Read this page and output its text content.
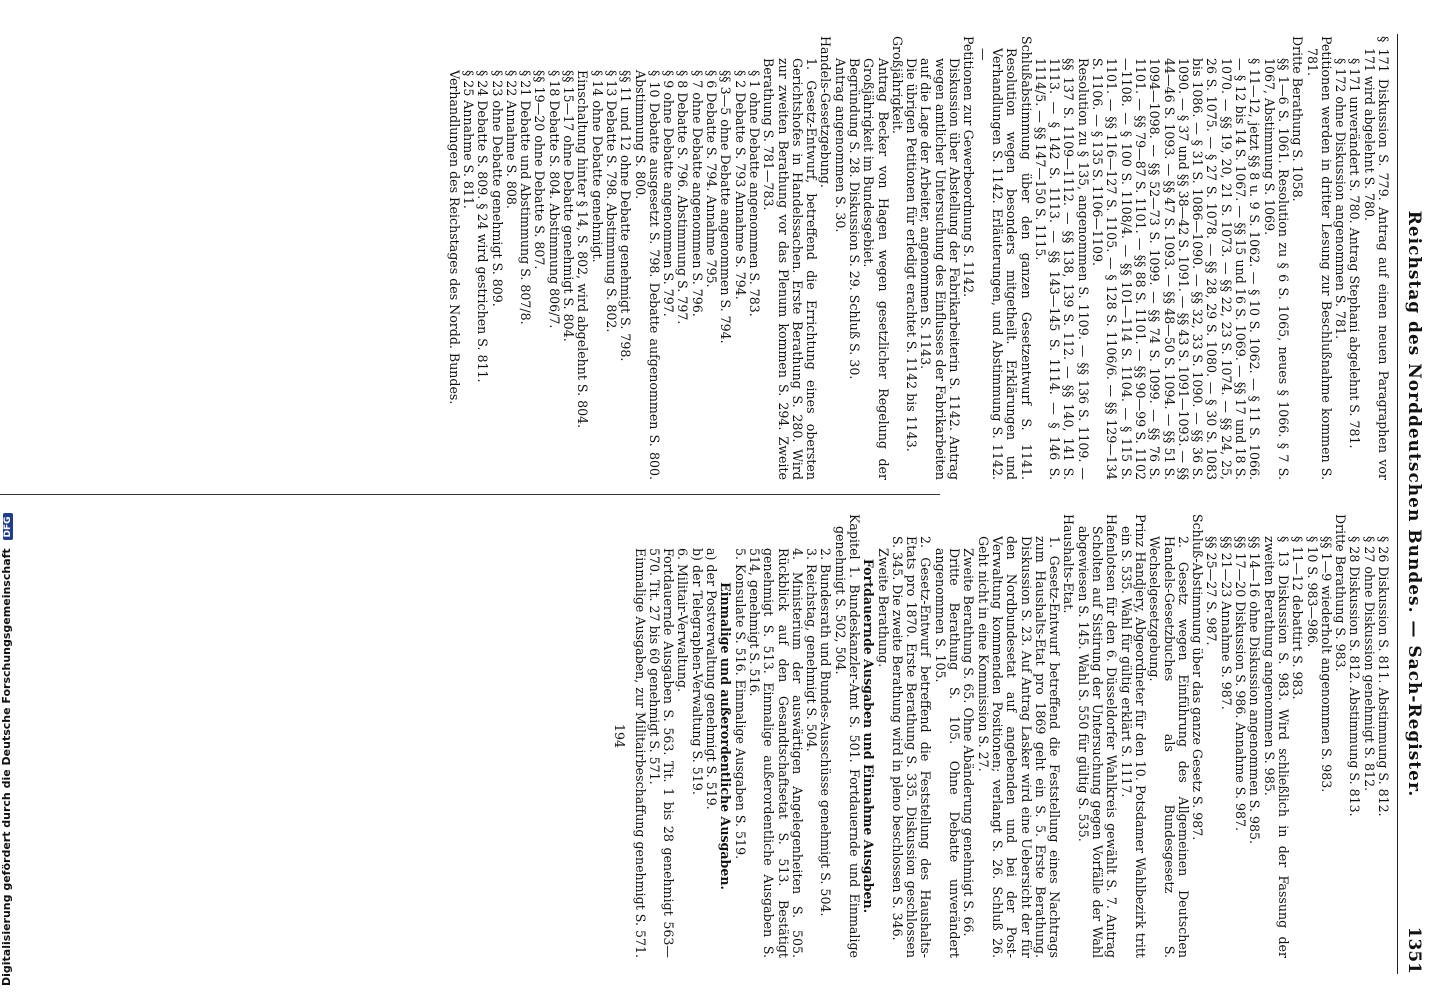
Reichstag des Norddeutschen Bundes. — Sach-Register.
1351

§ 171 Diskussion S. 779. Antrag auf einen neuen Paragraphen vor 171 wird abgelehnt S. 780.

§ 171 unverändert S. 780. Antrag Stephani abgelehnt S. 781.

§ 172 ohne Diskussion angenommen S. 781.

Petitionen werden in dritter Lesung zur Beschlußnahme kommen S. 781.

Dritte Berathung S. 1058.

§§ 1—6 S. 1061. Resolution zu § 6 S. 1065, neues § 1066. § 7 S. 1067, Abstimmung S. 1069.

§ 11—12, jetzt §§ 8 u. 9 S. 1062. — § 10 S. 1062. — § 11 S. 1066. — § 12 bis 14 S. 1067. — §§ 15 und 16 S. 1069. — §§ 17 und 18 S. 1070. — §§ 19, 20, 21 S. 1073. — §§ 22, 23 S. 1074. — §§ 24, 25, 26 S. 1075. — § 27 S. 1078. — §§ 28, 29 S. 1080. — § 30 S. 1083 bis 1086. — § 31 S. 1086—1090. — §§ 32, 33 S. 1090. — §§ 36 S. 1090. — § 37 und §§ 38—42 S. 1091. — §§ 43 S. 1091—1093. — §§ 44—46 S. 1093. — §§ 47 S. 1093. — §§ 48—50 S. 1094. — §§ 51 S. 1094—1098. — §§ 52—73 S. 1099. — §§ 74 S. 1099. — §§ 76 S. 1101. — §§ 79—87 S. 1101. — §§ 88 S. 1101. — §§ 90—99 S. 1102—1108. — § 100 S. 1108/4. — §§ 101—114 S. 1104. — § 115 S. 1101. — §§ 116—127 S. 1105. — § 128 S. 1106/6. — §§ 129—134 S. 1106. — § 135 S. 1106—1109.

Resolution zu § 135, angenommen S. 1109. — §§ 136 S. 1109. — §§ 137 S. 1109—1112. — §§ 138, 139 S. 112. — §§ 140, 141 S. 1113. — § 142 S. 1113. — §§ 143—145 S. 1114. — § 146 S. 1114/5. — §§ 147—150 S. 1115.

Schlußabstimmung über den ganzen Gesetzentwurf S. 1141. Resolution wegen besonders mitgetheilt. Erklärungen und Verhandlungen S. 1142. Erläuterungen, und Abstimmung S. 1142. —

Petitionen zur Gewerbeordnung S. 1142.

Diskussion über Abstellung der Fabrikarbeiterin S. 1142. Antrag wegen amtlicher Untersuchung des Einflusses der Fabrikarbeiten auf die Lage der Arbeiter, angenommen S. 1143.

Die übrigen Petitionen für erledigt erachtet S. 1142 bis 1143.

Großjährigkeit.

Antrag Becker von Hagen wegen gesetzlicher Regelung der Großjährigkeit im Bundesgebiet.

Begründung S. 28. Diskussion S. 29. Schluß S. 30.

Antrag angenommen S. 30.

Handels-Gesetzgebung.

1. Gesetz-Entwurf, betreffend die Errichtung eines obersten Gerichtshofes in Handelssachen. Erste Berathung S. 280. Wird zur zweiten Berathung vor das Plenum kommen S. 294. Zweite Berathung S. 781—783.

§ 1 ohne Debatte angenommen S. 783.

§ 2 Debatte S. 793 Annahme S. 794.

§§ 3—5 ohne Debatte angenommen S. 794.

§ 6 Debatte S. 794. Annahme 795.

§ 7 ohne Debatte angenommen S. 796.

§ 8 Debatte S. 796. Abstimmung S. 797.

§ 9 ohne Debatte angenommen S. 797.

§ 10 Debatte ausgesetzt S. 798. Debatte aufgenommen S. 800. Abstimmung S. 800.

§§ 11 und 12 ohne Debatte genehmigt S. 798.

§ 13 Debatte S. 798. Abstimmung S. 802.

§ 14 ohne Debatte genehmigt.

Einschaltung hinter § 14, S. 802, wird abgelehnt S. 804.

§§ 15—17 ohne Debatte genehmigt S. 804.

§ 18 Debatte S. 804. Abstimmung 806/7.

§§ 19—20 ohne Debatte S. 807.

§ 21 Debatte und Abstimmung S. 807/8.

§ 22 Annahme S. 808.

§ 23 ohne Debatte genehmigt S. 809.

§ 24 Debatte S. 809. § 24 wird gestrichen S. 811.

§ 25 Annahme S. 811.

Verhandlungen des Reichstages des Nordd. Bundes.

§ 26 Diskussion S. 811. Abstimmung S. 812.

§ 27 ohne Diskussion genehmigt S. 812.

§ 28 Diskussion S. 812. Abstimmung S. 813.

Dritte Berathung S. 983.

§§ 1—9 wiederholt angenommen S. 983.

§ 10 S. 983—986.

§ 11—12 debattirt S. 983.

§ 13 Diskussion S. 983. Wird schließlich in der Fassung der zweiten Berathung angenommen S. 985.

§§ 14—16 ohne Diskussion angenommen S. 985.

§§ 17—20 Diskussion S. 986. Annahme S. 987.

§§ 21—23 Annahme S. 987.

§§ 25—27 S. 987.

Schluß-Abstimmung über das ganze Gesetz S. 987.

2. Gesetz wegen Einführung des Allgemeinen Deutschen Handels-Gesetzbuches als Bundesgesetz S. Wechselgesetzgebung.

Prinz Handjery, Abgeordneter für den 10. Potsdamer Wahlbezirk tritt ein S. 535. Wahl für gültig erklärt S. 1117.

Hafenlotsen für den 6. Düsseldorfer Wahlkreis gewählt S. 7. Antrag Scholten auf Sistirung der Untersuchung gegen Vorfälle der Wahl abgewiesen S. 145. Wahl S. 550 für gültig S. 535.

Haushalts-Etat.

1. Gesetz-Entwurf betreffend die Feststellung eines Nachtrags zum Haushalts-Etat pro 1869 geht ein S. 5. Erste Berathung. Diskussion S. 23. Auf Antrag Lasker wird eine Uebersicht der für den Nordbundesetat auf angebenden und bei der Post-Verwaltung kommenden Positionen; verlangt S. 26. Schluß 26. Geht nicht in eine Kommission S. 27.

Zweite Berathung S. 65. Ohne Abänderung genehmigt S. 66.

Dritte Berathung S. 105. Ohne Debatte unverändert angenommen S. 105.

2. Gesetz-Entwurf betreffend die Feststellung des Haushalts-Etats pro 1870. Erste Berathung S. 335. Diskussion geschlossen S. 345. Die zweite Berathung wird in pleno beschlossen S. 346.

Zweite Berathung.

Fortdauernde Ausgaben und Einnahme Ausgaben.

Kapitel 1. Bundeskanzler-Amt S. 501. Fortdauernde und Einmalige genehmigt S. 502, 504.

2. Bundesrath und Bundes-Ausschüsse genehmigt S. 504.

3. Reichstag, genehmigt S. 504.

4. Ministerium der auswärtigen Angelegenheiten S. 505. Rückblick auf den Gesandtschaftsetat S. 513. Bestätigt genehmigt S. 513. Einmalige außerordentliche Ausgaben S. 514, genehmigt S. 516.

5. Konsulate S. 516. Einmalige Ausgaben S. 519.

Einmalige und außerordentliche Ausgaben.

a) der Postverwaltung genehmigt S. 519.

b) der Telegraphen-Verwaltung S. 519.

6. Militair-Verwaltung.

Fortdauernde Ausgaben S. 563. Tit. 1 bis 28 genehmigt 563—570. Tit. 27 bis 60 genehmigt S. 571.

Einmalige Ausgaben, zur Militairbeschaffung genehmigt S. 571.

194

Digitalisierung gefördert durch die Deutsche Forschungsgemeinschaft DFG
